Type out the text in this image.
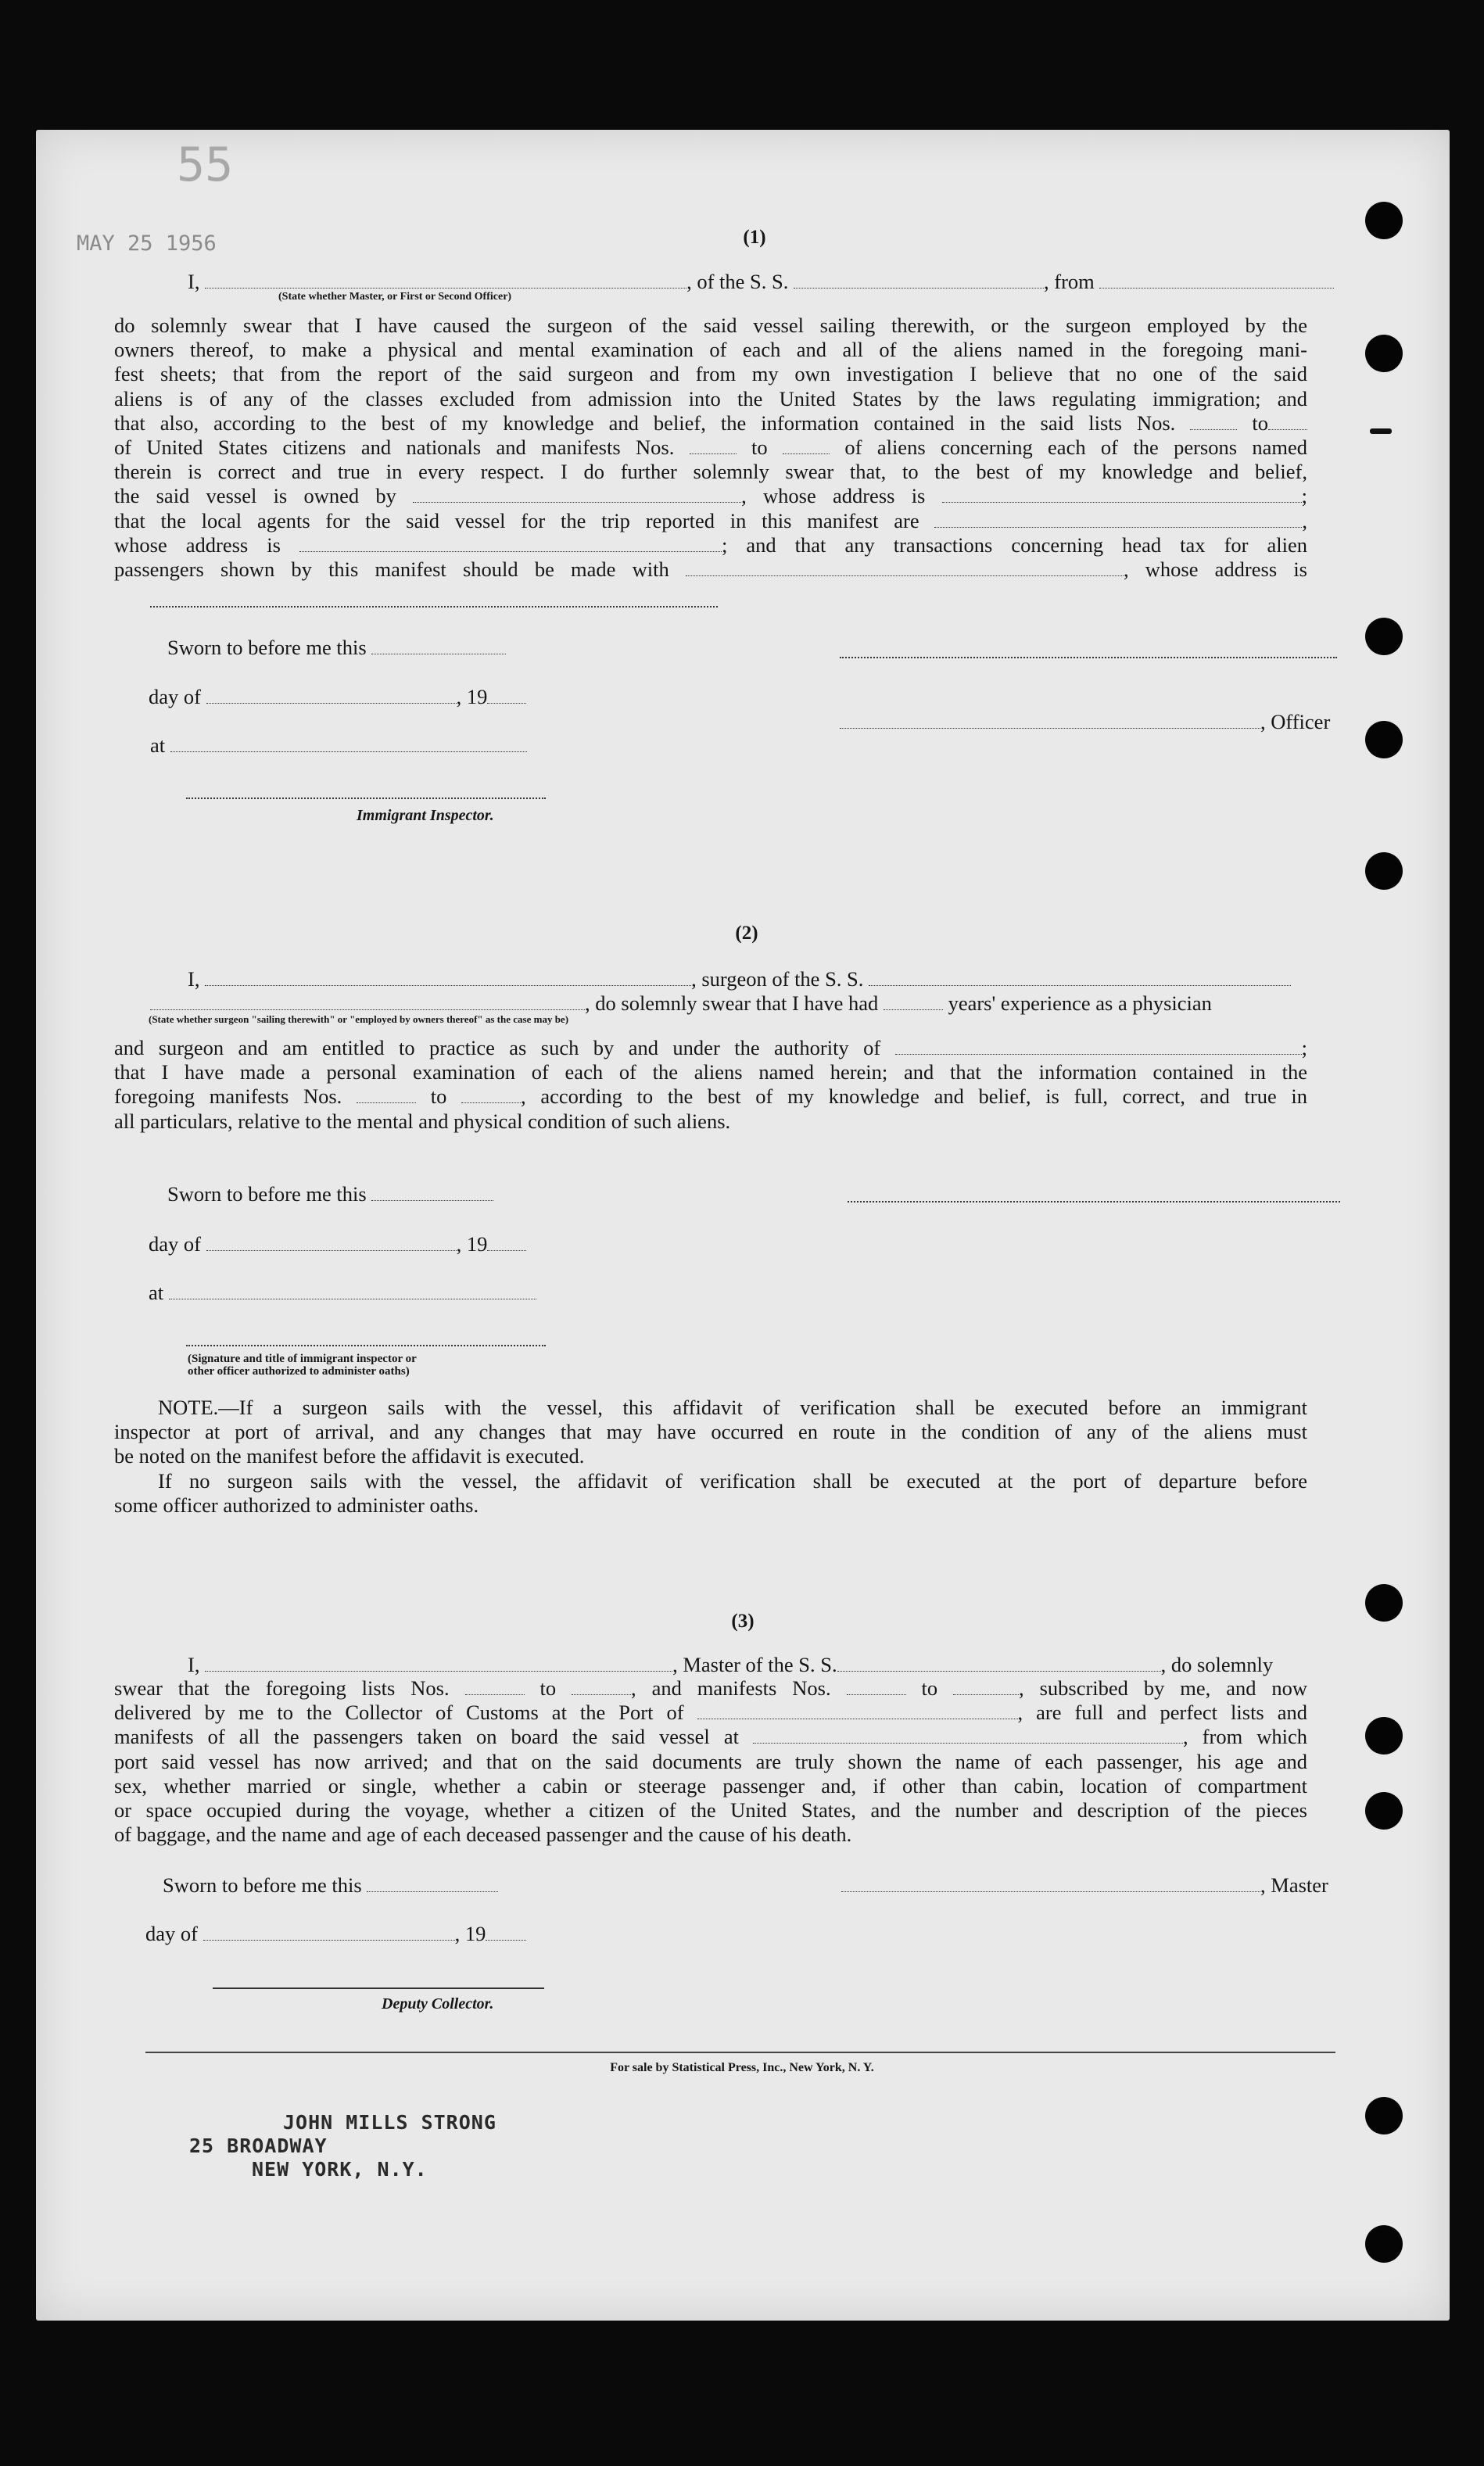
55
MAY 25 1956	(1)
I,	, of the S. S.	, from
(State whether Master, or First or Second Officer)
do solemnly swear that I have caused the surgeon of the said vessel sailing therewith, or the surgeon employed by the
owners thereof, to make a physical and mental examination of each and all of the aliens named in the foregoing mani-
fest sheets; that from the report of the said surgeon and from my own investigation I believe that no one of the said
aliens is of any of the classes excluded from admission into the United States by the laws regulating immigration; and
that also, according to the best of my knowledge and belief, the information contained in the said lists Nos.	to
of United States citizens and nationals and manifests Nos.	to	of aliens concerning each of the persons named
therein is correct and true in every respect. I do further solemnly swear that, to the best of my knowledge and belief,
the said vessel is owned by	, whose address is	;
that the local agents for the said vessel for the trip reported in this manifest are	,
whose address is	; and that any transactions concerning head tax for alien
passengers shown by this manifest should be made with	, whose address is
Sworn to before me this
day of	, 19
at
Immigrant Inspector.
, Officer
(2)
I,	, surgeon of the S. S.
, do solemnly swear that I have had	years' experience as a physician
(State whether surgeon "sailing therewith" or "employed by owners thereof" as the case may be)
and surgeon and am entitled to practice as such by and under the authority of	;
that I have made a personal examination of each of the aliens named herein; and that the information contained in the
foregoing manifests Nos.	to	, according to the best of my knowledge and belief, is full, correct, and true in
all particulars, relative to the mental and physical condition of such aliens.
Sworn to before me this
day of	, 19
at
(Signature and title of immigrant inspector or
other officer authorized to administer oaths)
NOTE.—If a surgeon sails with the vessel, this affidavit of verification shall be executed before an immigrant
inspector at port of arrival, and any changes that may have occurred en route in the condition of any of the aliens must
be noted on the manifest before the affidavit is executed.
If no surgeon sails with the vessel, the affidavit of verification shall be executed at the port of departure before
some officer authorized to administer oaths.
(3)
I,	, Master of the S. S.	, do solemnly
swear that the foregoing lists Nos.	to	, and manifests Nos.	to	, subscribed by me, and now
delivered by me to the Collector of Customs at the Port of	, are full and perfect lists and
manifests of all the passengers taken on board the said vessel at	, from which
port said vessel has now arrived; and that on the said documents are truly shown the name of each passenger, his age and
sex, whether married or single, whether a cabin or steerage passenger and, if other than cabin, location of compartment
or space occupied during the voyage, whether a citizen of the United States, and the number and description of the pieces
of baggage, and the name and age of each deceased passenger and the cause of his death.
Sworn to before me this	, Master
day of	, 19
Deputy Collector.
For sale by Statistical Press, Inc., New York, N. Y.
JOHN MILLS STRONG
25 BROADWAY
NEW YORK, N.Y.
